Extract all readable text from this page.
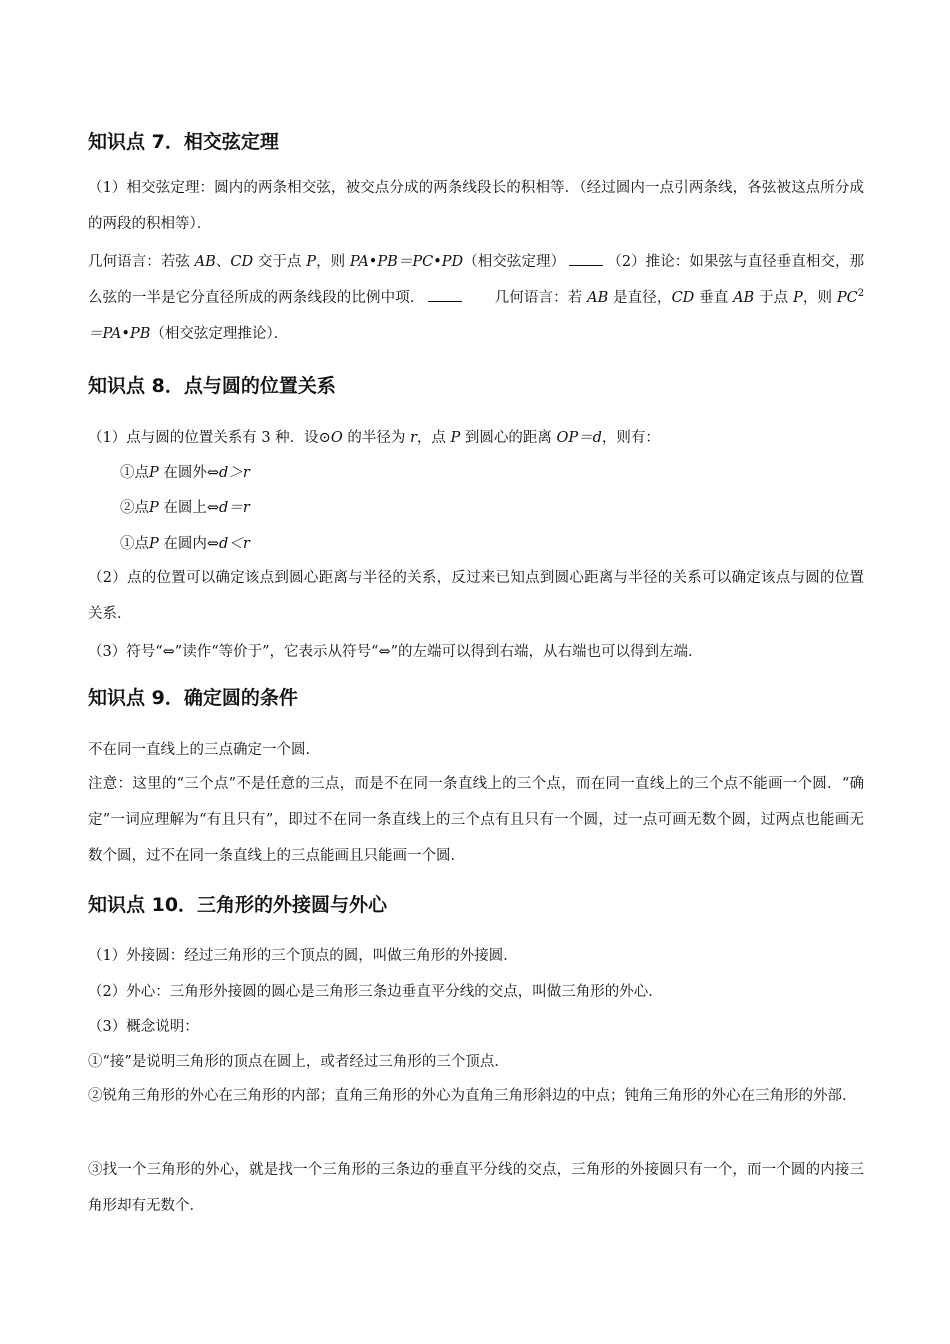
知识点 7．相交弦定理
（1）相交弦定理：圆内的两条相交弦，被交点分成的两条线段长的积相等．（经过圆内一点引两条线，各弦被这点所分成的两段的积相等）．
几何语言：若弦 AB、CD 交于点 P，则 PA•PB＝PC•PD（相交弦定理）	（2）推论：如果弦与直径垂直相交，那么弦的一半是它分直径所成的两条线段的比例中项．	几何语言：若 AB 是直径，CD 垂直 AB 于点 P，则 $PC^2=PA•PB$（相交弦定理推论）．
知识点 8．点与圆的位置关系
（1）点与圆的位置关系有 3 种．设⊙O 的半径为 r，点 P 到圆心的距离 OP＝d，则有：
①点P 在圆外⇔d＞r
②点P 在圆上⇔d＝r
①点P 在圆内⇔d＜r
（2）点的位置可以确定该点到圆心距离与半径的关系，反过来已知点到圆心距离与半径的关系可以确定该点与圆的位置关系．
（3）符号“⇔”读作“等价于”，它表示从符号“⇔”的左端可以得到右端，从右端也可以得到左端．
知识点 9．确定圆的条件
不在同一直线上的三点确定一个圆．
注意：这里的“三个点”不是任意的三点，而是不在同一条直线上的三个点，而在同一直线上的三个点不能画一个圆．“确定”一词应理解为“有且只有”，即过不在同一条直线上的三个点有且只有一个圆，过一点可画无数个圆，过两点也能画无数个圆，过不在同一条直线上的三点能画且只能画一个圆．
知识点 10．三角形的外接圆与外心
（1）外接圆：经过三角形的三个顶点的圆，叫做三角形的外接圆．
（2）外心：三角形外接圆的圆心是三角形三条边垂直平分线的交点，叫做三角形的外心．
（3）概念说明：
①“接”是说明三角形的顶点在圆上，或者经过三角形的三个顶点．
②锐角三角形的外心在三角形的内部；直角三角形的外心为直角三角形斜边的中点；钝角三角形的外心在三角形的外部．
③找一个三角形的外心，就是找一个三角形的三条边的垂直平分线的交点，三角形的外接圆只有一个，而一个圆的内接三角形却有无数个．
